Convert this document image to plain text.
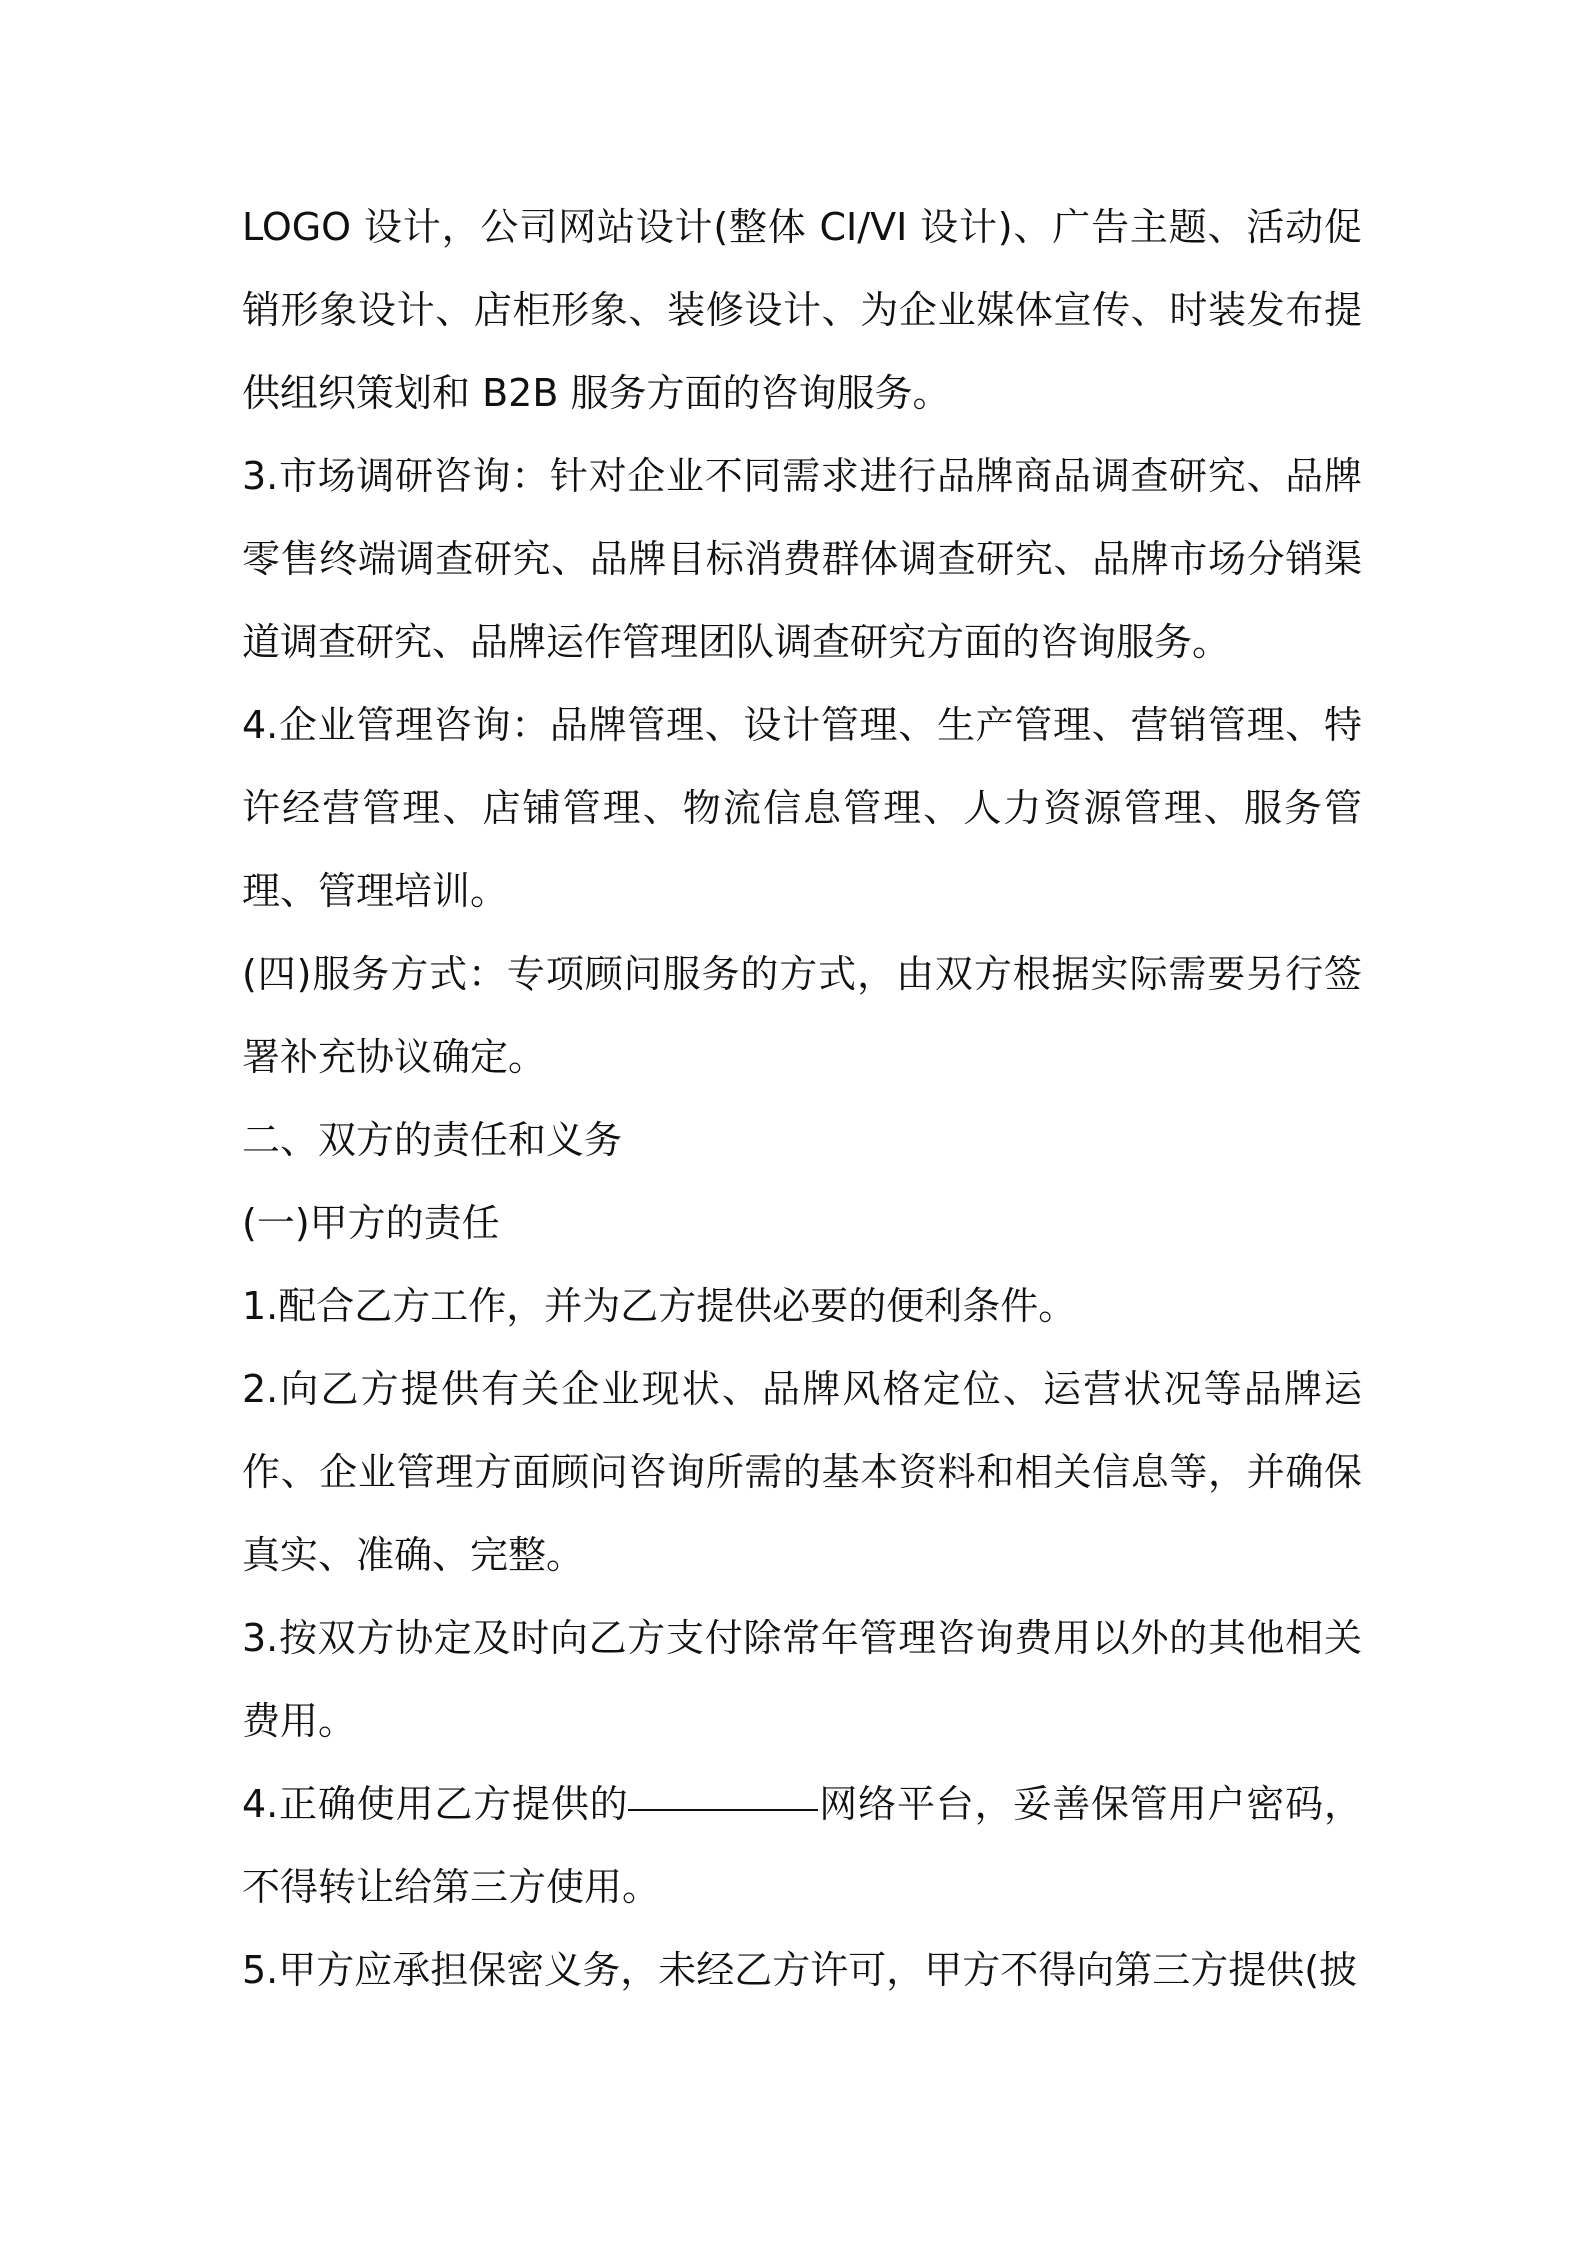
LOGO 设计，公司网站设计(整体 CI/VI 设计)、广告主题、活动促销形象设计、店柜形象、装修设计、为企业媒体宣传、时装发布提供组织策划和 B2B 服务方面的咨询服务。

3.市场调研咨询：针对企业不同需求进行品牌商品调查研究、品牌零售终端调查研究、品牌目标消费群体调查研究、品牌市场分销渠道调查研究、品牌运作管理团队调查研究方面的咨询服务。

4.企业管理咨询：品牌管理、设计管理、生产管理、营销管理、特许经营管理、店铺管理、物流信息管理、人力资源管理、服务管理、管理培训。

(四)服务方式：专项顾问服务的方式，由双方根据实际需要另行签署补充协议确定。

二、双方的责任和义务

(一)甲方的责任

1.配合乙方工作，并为乙方提供必要的便利条件。

2.向乙方提供有关企业现状、品牌风格定位、运营状况等品牌运作、企业管理方面顾问咨询所需的基本资料和相关信息等，并确保真实、准确、完整。

3.按双方协定及时向乙方支付除常年管理咨询费用以外的其他相关费用。

4.正确使用乙方提供的	网络平台，妥善保管用户密码，不得转让给第三方使用。

5.甲方应承担保密义务，未经乙方许可，甲方不得向第三方提供(披
